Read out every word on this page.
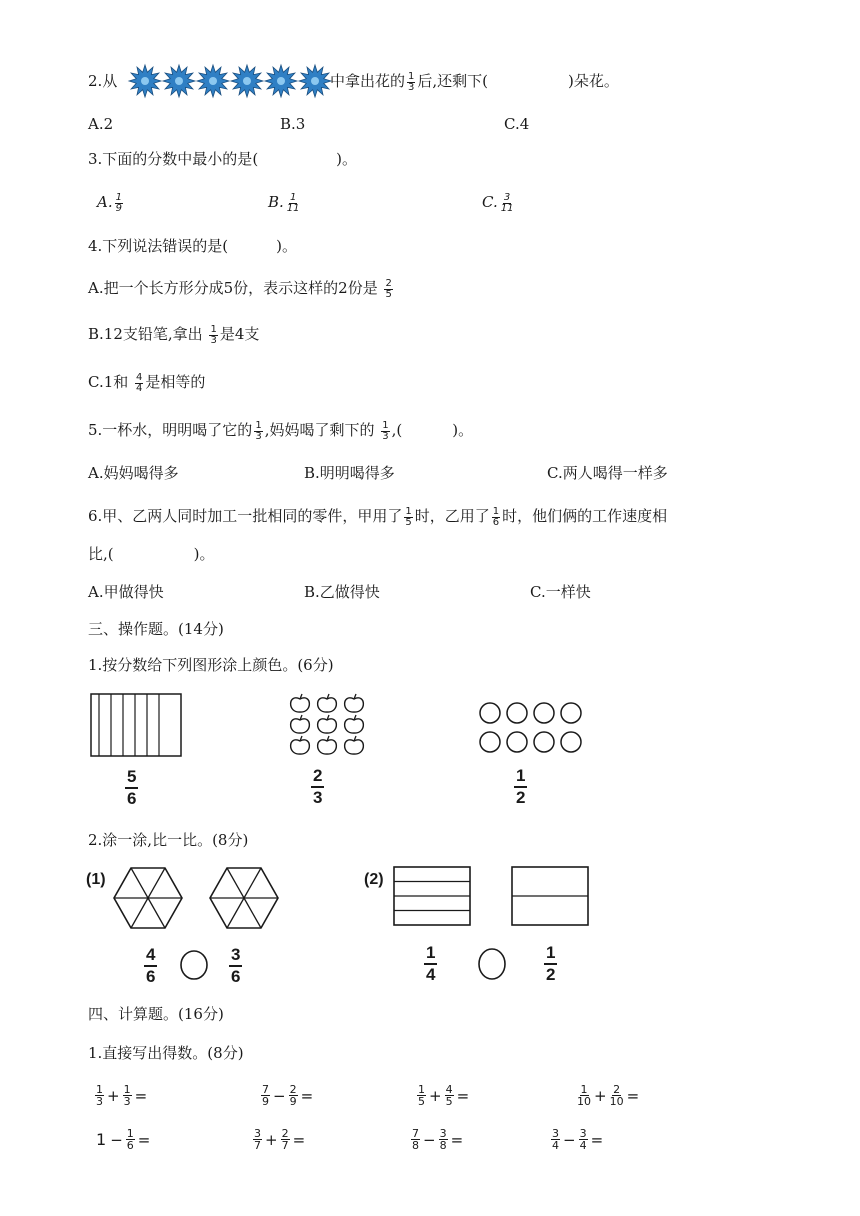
2.从	中拿出花的 $\frac{1}{3}$ 后,还剩下(	)朵花。
A.2	B.3	C.4
3.下面的分数中最小的是(	)。
A. $\frac{1}{9}$	B. $\frac{1}{11}$	C. $\frac{3}{11}$
4.下列说法错误的是(	)。
A.把一个长方形分成5份，表示这样的2份是 $\frac{2}{5}$
B.12支铅笔,拿出 $\frac{1}{3}$ 是4支
C.1和 $\frac{4}{4}$ 是相等的
5.一杯水，明明喝了它的 $\frac{1}{3}$ ,妈妈喝了剩下的 $\frac{1}{3}$ ,(	)。
A.妈妈喝得多	B.明明喝得多	C.两人喝得一样多
6.甲、乙两人同时加工一批相同的零件，甲用了 $\frac{1}{5}$ 时，乙用了 $\frac{1}{6}$ 时，他们俩的工作速度相
比,(	)。
A.甲做得快	B.乙做得快	C.一样快
三、操作题。(14分)
1.按分数给下列图形涂上颜色。(6分)
5
6
2
3
1
2
2.涂一涂,比一比。(8分)
(1)	(2)
4
6
3
6
1
4
1
2
四、计算题。(16分)
1.直接写出得数。(8分)
$\frac{1}{3} + \frac{1}{3}$ =	$\frac{7}{9} - \frac{2}{9}$ =	$\frac{1}{5} + \frac{4}{5}$ =	$\frac{1}{10} + \frac{2}{10}$ =
$1 - \frac{1}{6}$ =	$\frac{3}{7} + \frac{2}{7}$ =	$\frac{7}{8} - \frac{3}{8}$ =	$\frac{3}{4} - \frac{3}{4}$ =
